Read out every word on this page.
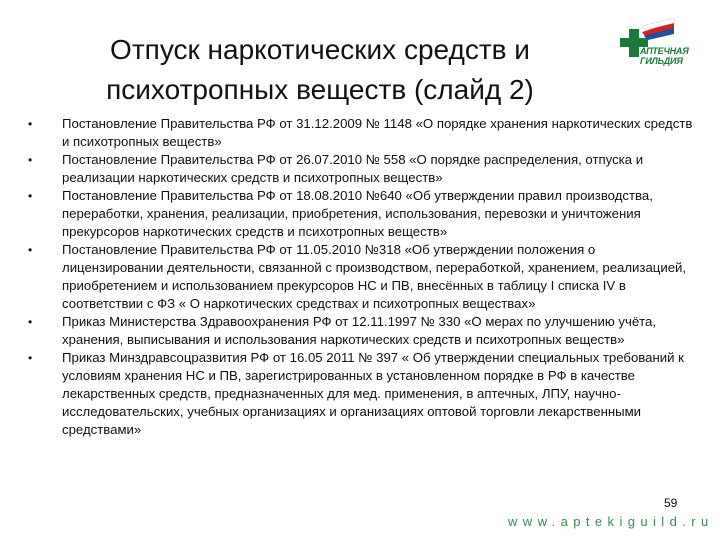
Отпуск наркотических средств и
психотропных веществ (слайд 2)
АПТЕЧНАЯ
ГИЛЬДИЯ
• Постановление Правительства РФ от 31.12.2009 № 1148 «О порядке хранения наркотических средств и психотропных веществ»
• Постановление Правительства РФ от 26.07.2010 № 558 «О порядке распределения, отпуска и реализации наркотических средств и психотропных веществ»
• Постановление Правительства РФ от 18.08.2010 №640 «Об утверждении правил производства, переработки, хранения, реализации, приобретения, использования, перевозки и уничтожения прекурсоров наркотических средств и психотропных веществ»
• Постановление Правительства РФ от 11.05.2010 №318 «Об утверждении положения о лицензировании деятельности, связанной с производством, переработкой, хранением, реализацией, приобретением и использованием прекурсоров НС и ПВ, внесённых в таблицу I списка IV в соответствии с ФЗ « О наркотических средствах и психотропных веществах»
• Приказ Министерства Здравоохранения РФ от 12.11.1997 № 330 «О мерах по улучшению учёта, хранения, выписывания и использования наркотических средств и психотропных веществ»
• Приказ Минздравсоцразвития РФ от 16.05 2011 № 397 « Об утверждении специальных требований к условиям хранения НС и ПВ, зарегистрированных в установленном порядке в РФ в качестве лекарственных средств, предназначенных для мед. применения, в аптечных, ЛПУ, научно-исследовательских, учебных организациях и организациях оптовой торговли лекарственными средствами»
59
www.aptekiguild.ru
